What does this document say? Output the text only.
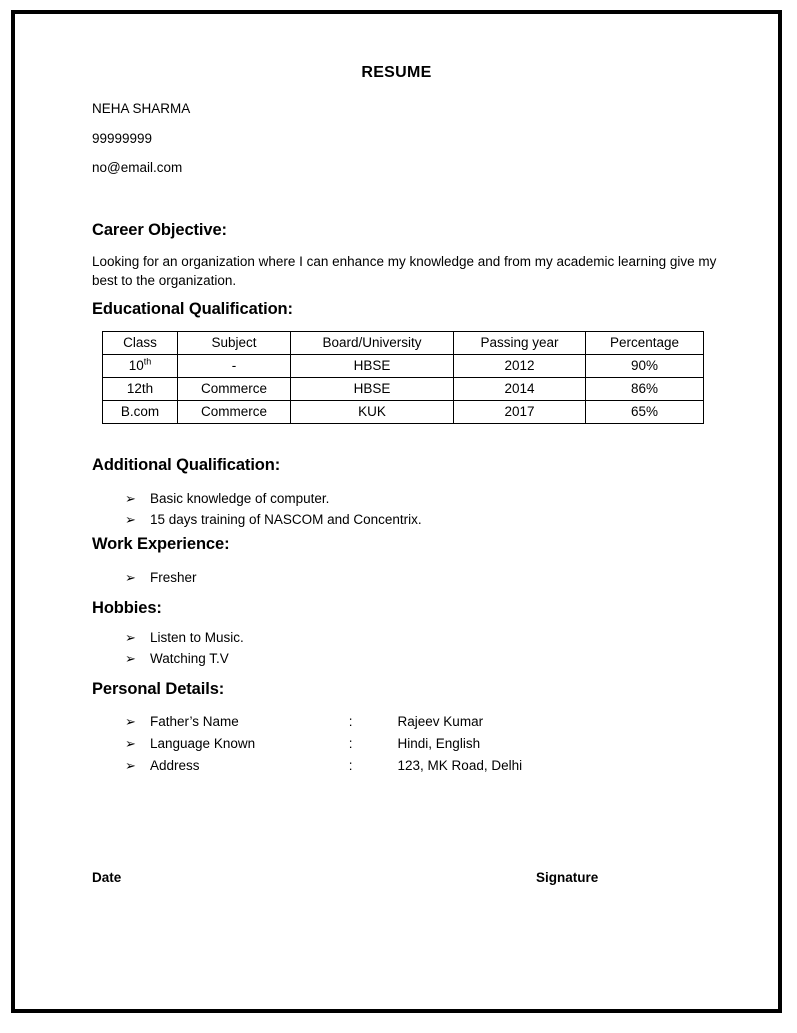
RESUME
NEHA SHARMA
99999999
no@email.com
Career Objective:
Looking for an organization where I can enhance my knowledge and from my academic learning give my best to the organization.
Educational Qualification:
Class	Subject	Board/University	Passing year	Percentage
10th	-	HBSE	2012	90%
12th	Commerce	HBSE	2014	86%
B.com	Commerce	KUK	2017	65%
Additional Qualification:
➢ Basic knowledge of computer.
➢ 15 days training of NASCOM and Concentrix.
Work Experience:
➢ Fresher
Hobbies:
➢ Listen to Music.
➢ Watching T.V
Personal Details:
➢ Father’s Name	:	Rajeev Kumar
➢ Language Known	:	Hindi, English
➢ Address	:	123, MK Road, Delhi
Date	Signature
